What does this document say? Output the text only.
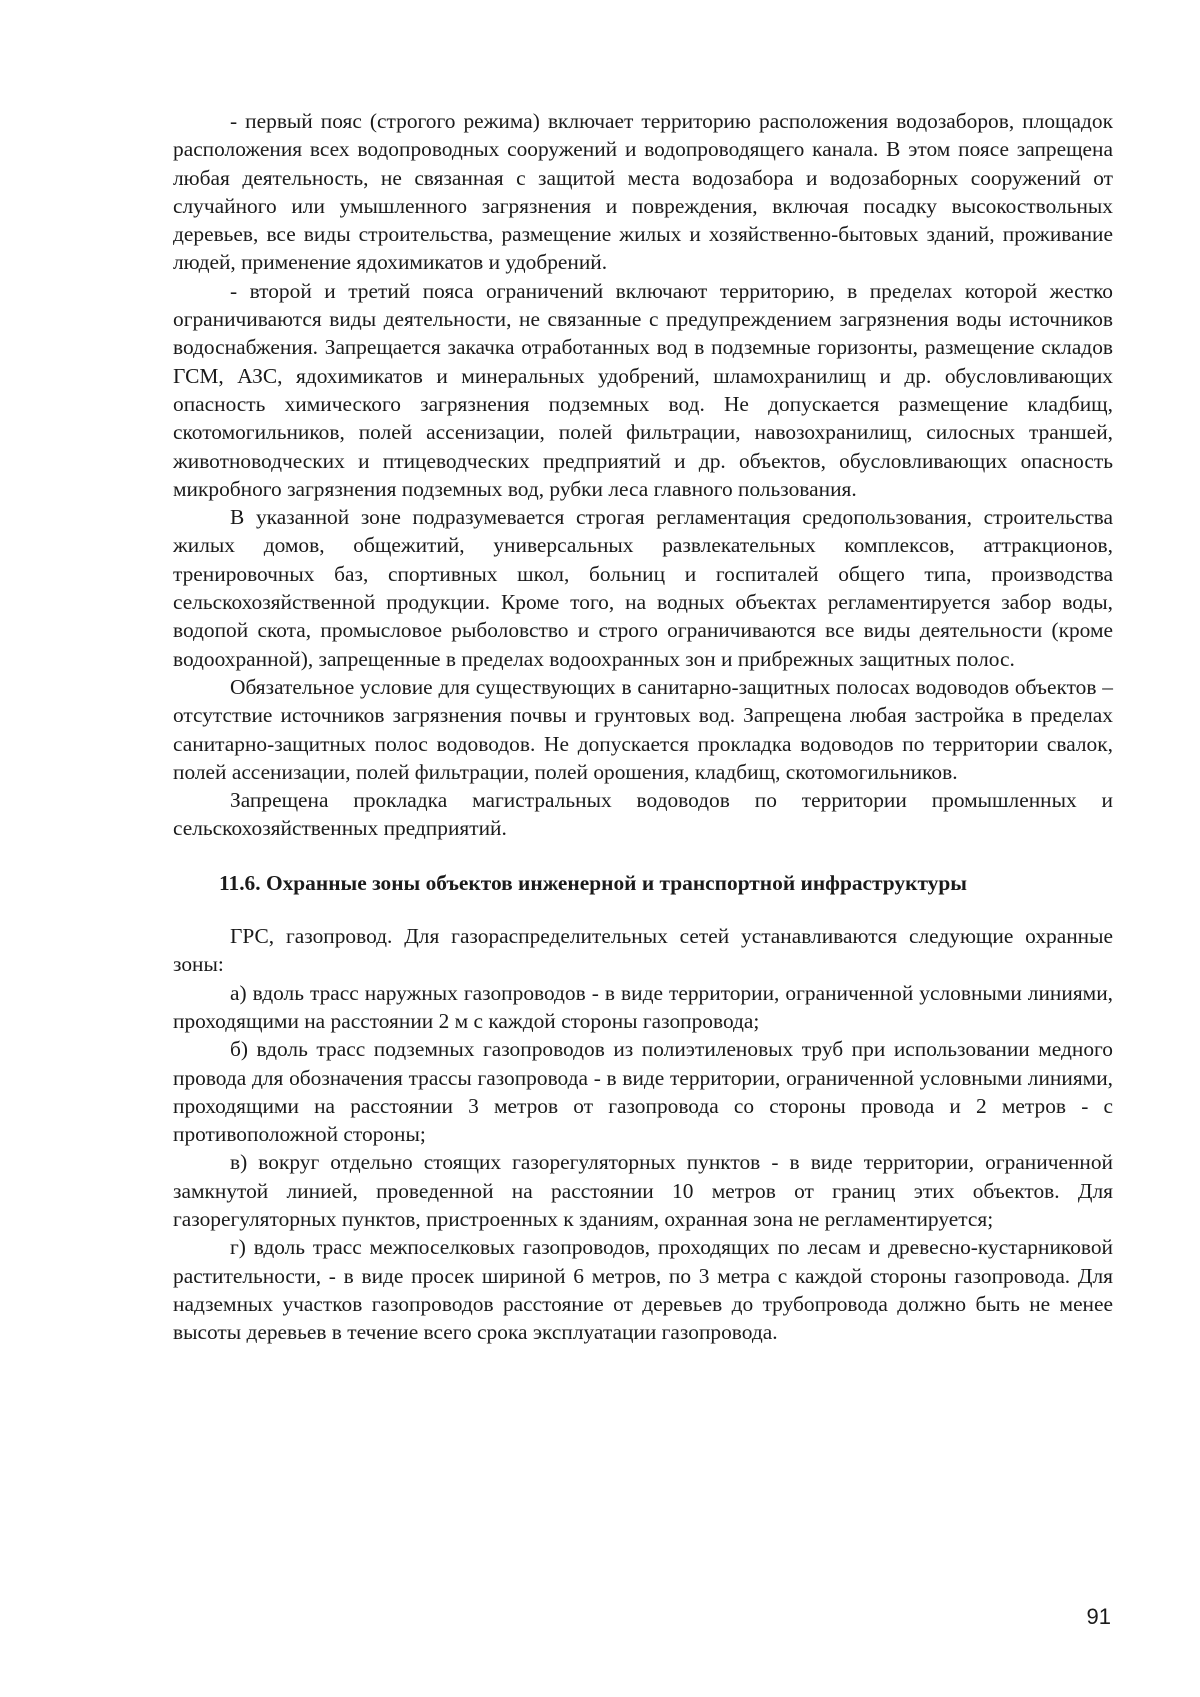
- первый пояс (строгого режима) включает территорию расположения водозаборов, площадок расположения всех водопроводных сооружений и водопроводящего канала. В этом поясе запрещена любая деятельность, не связанная с защитой места водозабора и водозаборных сооружений от случайного или умышленного загрязнения и повреждения, включая посадку высокоствольных деревьев, все виды строительства, размещение жилых и хозяйственно-бытовых зданий, проживание людей, применение ядохимикатов и удобрений.

- второй и третий пояса ограничений включают территорию, в пределах которой жестко ограничиваются виды деятельности, не связанные с предупреждением загрязнения воды источников водоснабжения. Запрещается закачка отработанных вод в подземные горизонты, размещение складов ГСМ, АЗС, ядохимикатов и минеральных удобрений, шламохранилищ и др. обусловливающих опасность химического загрязнения подземных вод. Не допускается размещение кладбищ, скотомогильников, полей ассенизации, полей фильтрации, навозохранилищ, силосных траншей, животноводческих и птицеводческих предприятий и др. объектов, обусловливающих опасность микробного загрязнения подземных вод, рубки леса главного пользования.

В указанной зоне подразумевается строгая регламентация средопользования, строительства жилых домов, общежитий, универсальных развлекательных комплексов, аттракционов, тренировочных баз, спортивных школ, больниц и госпиталей общего типа, производства сельскохозяйственной продукции. Кроме того, на водных объектах регламентируется забор воды, водопой скота, промысловое рыболовство и строго ограничиваются все виды деятельности (кроме водоохранной), запрещенные в пределах водоохранных зон и прибрежных защитных полос.

Обязательное условие для существующих в санитарно-защитных полосах водоводов объектов – отсутствие источников загрязнения почвы и грунтовых вод. Запрещена любая застройка в пределах санитарно-защитных полос водоводов. Не допускается прокладка водоводов по территории свалок, полей ассенизации, полей фильтрации, полей орошения, кладбищ, скотомогильников.

Запрещена прокладка магистральных водоводов по территории промышленных и сельскохозяйственных предприятий.

11.6. Охранные зоны объектов инженерной и транспортной инфраструктуры

ГРС, газопровод. Для газораспределительных сетей устанавливаются следующие охранные зоны:

а) вдоль трасс наружных газопроводов - в виде территории, ограниченной условными линиями, проходящими на расстоянии 2 м с каждой стороны газопровода;

б) вдоль трасс подземных газопроводов из полиэтиленовых труб при использовании медного провода для обозначения трассы газопровода - в виде территории, ограниченной условными линиями, проходящими на расстоянии 3 метров от газопровода со стороны провода и 2 метров - с противоположной стороны;

в) вокруг отдельно стоящих газорегуляторных пунктов - в виде территории, ограниченной замкнутой линией, проведенной на расстоянии 10 метров от границ этих объектов. Для газорегуляторных пунктов, пристроенных к зданиям, охранная зона не регламентируется;

г) вдоль трасс межпоселковых газопроводов, проходящих по лесам и древесно-кустарниковой растительности, - в виде просек шириной 6 метров, по 3 метра с каждой стороны газопровода. Для надземных участков газопроводов расстояние от деревьев до трубопровода должно быть не менее высоты деревьев в течение всего срока эксплуатации газопровода.

91
